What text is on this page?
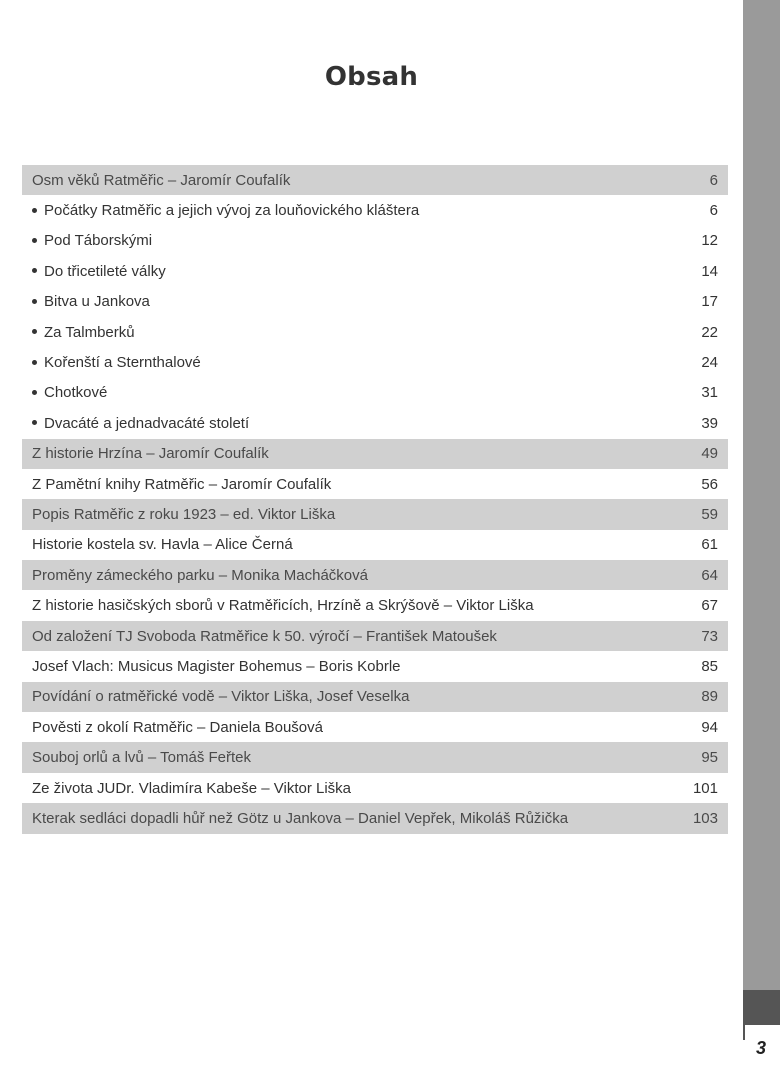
3
Obsah
Osm věků Ratměřic – Jaromír Coufalík	6
Počátky Ratměřic a jejich vývoj za louňovického kláštera	6
Pod Táborskými	12
Do třicetileté války	14
Bitva u Jankova	17
Za Talmberků	22
Kořenští a Sternthalové	24
Chotkové	31
Dvacáté a jednadvacáté století	39
Z historie Hrzína – Jaromír Coufalík	49
Z Pamětní knihy Ratměřic – Jaromír Coufalík	56
Popis Ratměřic z roku 1923 – ed. Viktor Liška	59
Historie kostela sv. Havla – Alice Černá	61
Proměny zámeckého parku – Monika Macháčková	64
Z historie hasičských sborů v Ratměřicích, Hrzíně a Skrýšově – Viktor Liška	67
Od založení TJ Svoboda Ratměřice k 50. výročí – František Matoušek	73
Josef Vlach: Musicus Magister Bohemus – Boris Kobrle	85
Povídání o ratměřické vodě – Viktor Liška, Josef Veselka	89
Pověsti z okolí Ratměřic – Daniela Boušová	94
Souboj orlů a lvů – Tomáš Feřtek	95
Ze života JUDr. Vladimíra Kabeše – Viktor Liška	101
Kterak sedláci dopadli hůř než Götz u Jankova – Daniel Vepřek, Mikoláš Růžička	103
